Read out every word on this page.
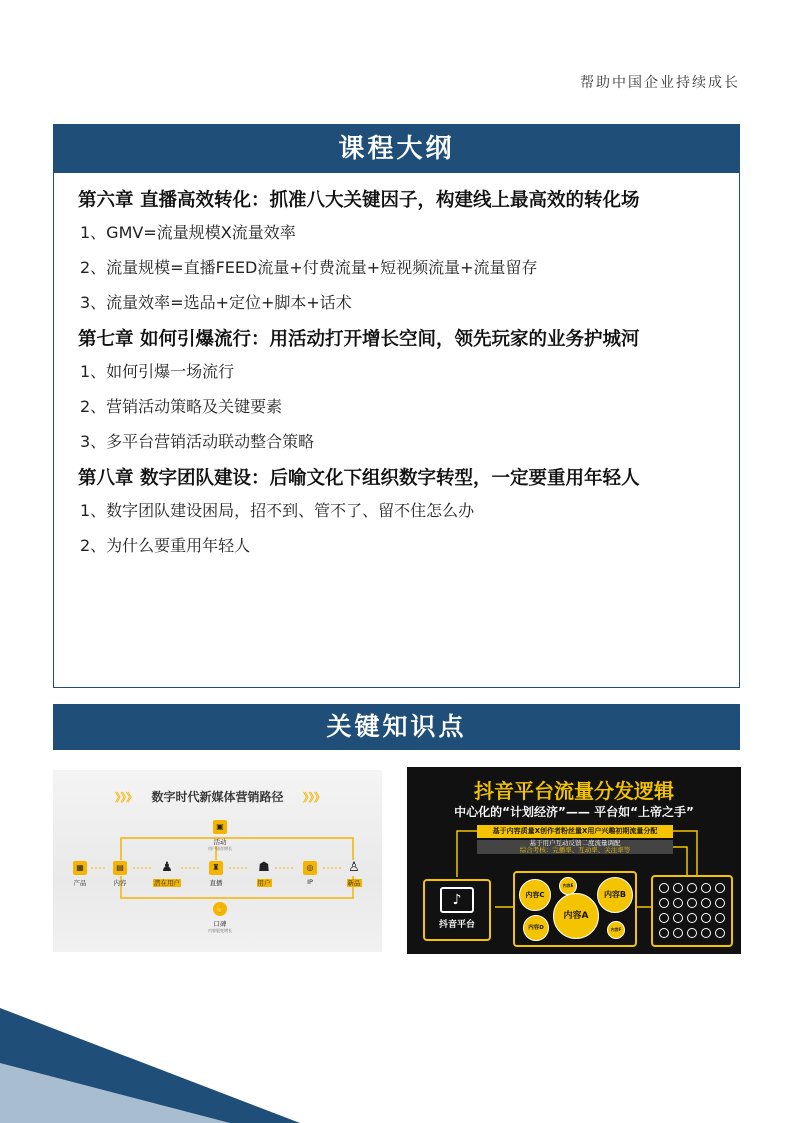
帮助中国企业持续成长
课程大纲
第六章 直播高效转化：抓准八大关键因子，构建线上最高效的转化场
1、GMV=流量规模X流量效率
2、流量规模=直播FEED流量+付费流量+短视频流量+流量留存
3、流量效率=选品+定位+脚本+话术
第七章 如何引爆流行：用活动打开增长空间，领先玩家的业务护城河
1、如何引爆一场流行
2、营销活动策略及关键要素
3、多平台营销活动联动整合策略
第八章 数字团队建设：后喻文化下组织数字转型，一定要重用年轻人
1、数字团队建设困局，招不到、管不了、留不住怎么办
2、为什么要重用年轻人
关键知识点
》》》	数字时代新媒体营销路径	》》》
▣
活动
用户留存增长
▦
产品
▤
内容
♟
潜在用户
♜
直播
☗
用户
◎
IP
♙
新品
✋
口碑
内容裂变增长
抖音平台流量分发逻辑
中心化的“计划经济”—— 平台如“上帝之手”
基于内容质量X创作者粉丝量X用户兴趣初期流量分配
基于用户互动反馈二度流量调配
综合考核：完播率、互动率、关注率等
♪
抖音平台
内容A
内容B
内容C
内容D
内容E
内容F
